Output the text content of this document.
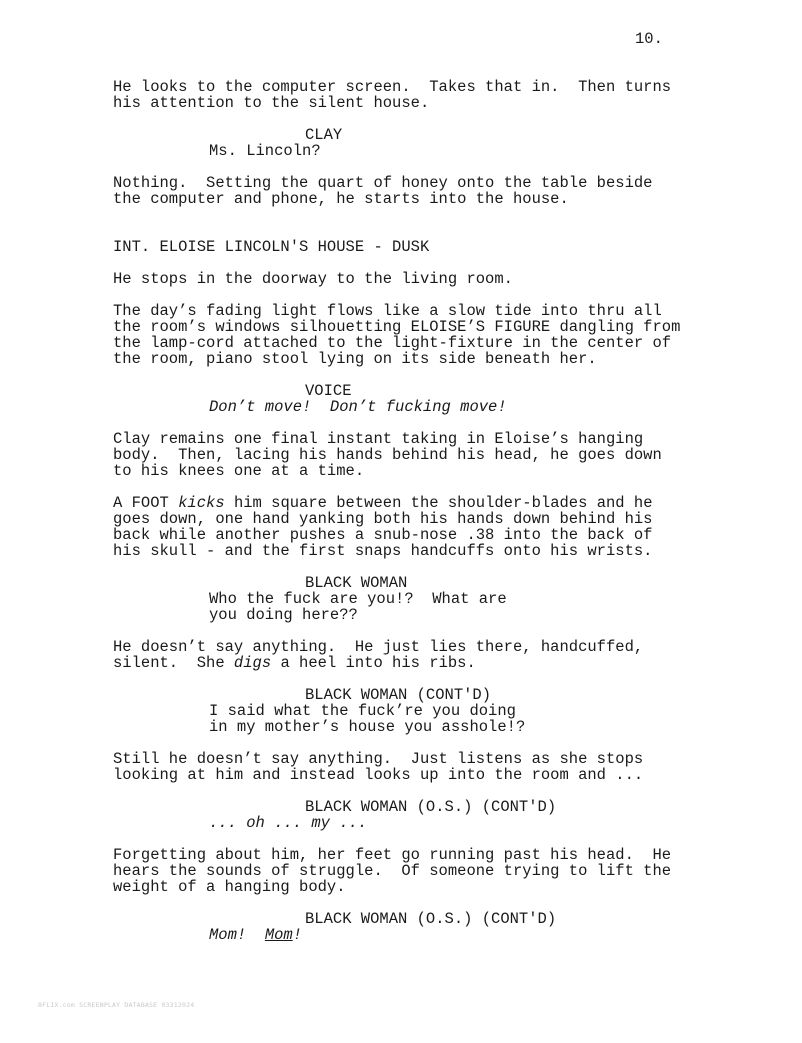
10.
He looks to the computer screen.  Takes that in.  Then turns
his attention to the silent house.
CLAY
Ms. Lincoln?
Nothing.  Setting the quart of honey onto the table beside
the computer and phone, he starts into the house.
INT. ELOISE LINCOLN'S HOUSE - DUSK
He stops in the doorway to the living room.
The day’s fading light flows like a slow tide into thru all
the room’s windows silhouetting ELOISE’S FIGURE dangling from
the lamp-cord attached to the light-fixture in the center of
the room, piano stool lying on its side beneath her.
VOICE
Don’t move!  Don’t fucking move!
Clay remains one final instant taking in Eloise’s hanging
body.  Then, lacing his hands behind his head, he goes down
to his knees one at a time.
A FOOT kicks him square between the shoulder-blades and he
goes down, one hand yanking both his hands down behind his
back while another pushes a snub-nose .38 into the back of
his skull - and the first snaps handcuffs onto his wrists.
BLACK WOMAN
Who the fuck are you!?  What are
you doing here??
He doesn’t say anything.  He just lies there, handcuffed,
silent.  She digs a heel into his ribs.
BLACK WOMAN (CONT'D)
I said what the fuck’re you doing
in my mother’s house you asshole!?
Still he doesn’t say anything.  Just listens as she stops
looking at him and instead looks up into the room and ...
BLACK WOMAN (O.S.) (CONT'D)
... oh ... my ...
Forgetting about him, her feet go running past his head.  He
hears the sounds of struggle.  Of someone trying to lift the
weight of a hanging body.
BLACK WOMAN (O.S.) (CONT'D)
Mom! Mom!
8FLIX.com SCREENPLAY DATABASE 03312024
